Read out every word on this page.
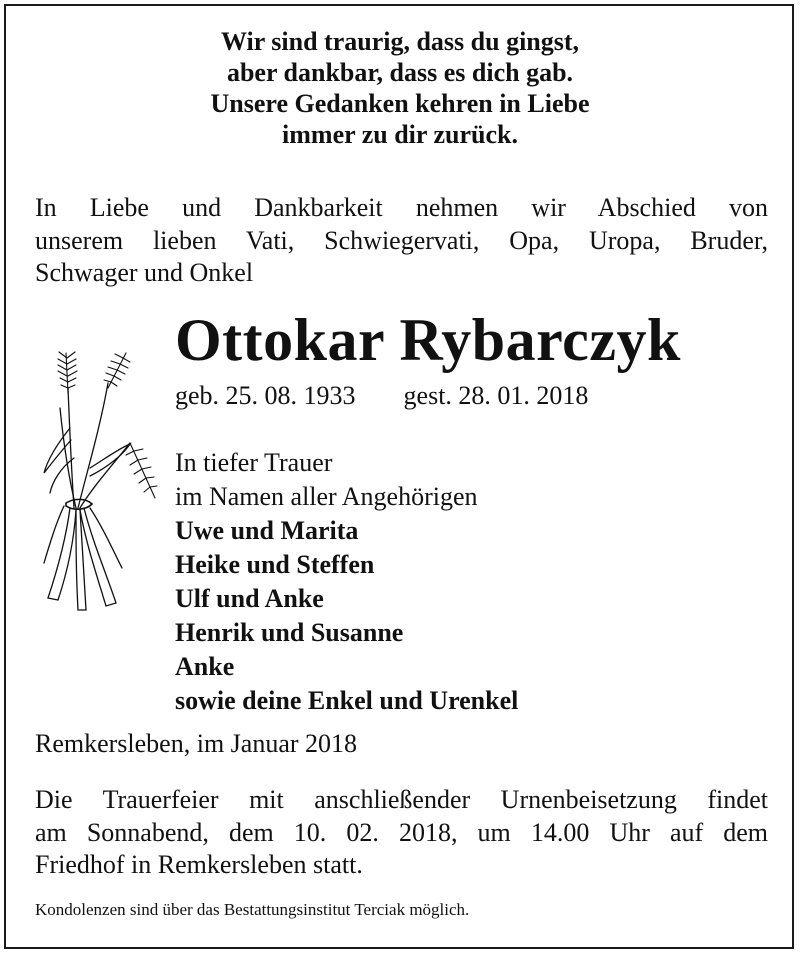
Wir sind traurig, dass du gingst,
aber dankbar, dass es dich gab.
Unsere Gedanken kehren in Liebe
immer zu dir zurück.
In Liebe und Dankbarkeit nehmen wir Abschied von
unserem lieben Vati, Schwiegervati, Opa, Uropa, Bruder,
Schwager und Onkel
Ottokar Rybarczyk
geb. 25. 08. 1933 gest. 28. 01. 2018
In tiefer Trauer
im Namen aller Angehörigen
Uwe und Marita
Heike und Steffen
Ulf und Anke
Henrik und Susanne
Anke
sowie deine Enkel und Urenkel
Remkersleben, im Januar 2018
Die Trauerfeier mit anschließender Urnenbeisetzung findet
am Sonnabend, dem 10. 02. 2018, um 14.00 Uhr auf dem
Friedhof in Remkersleben statt.
Kondolenzen sind über das Bestattungsinstitut Terciak möglich.
